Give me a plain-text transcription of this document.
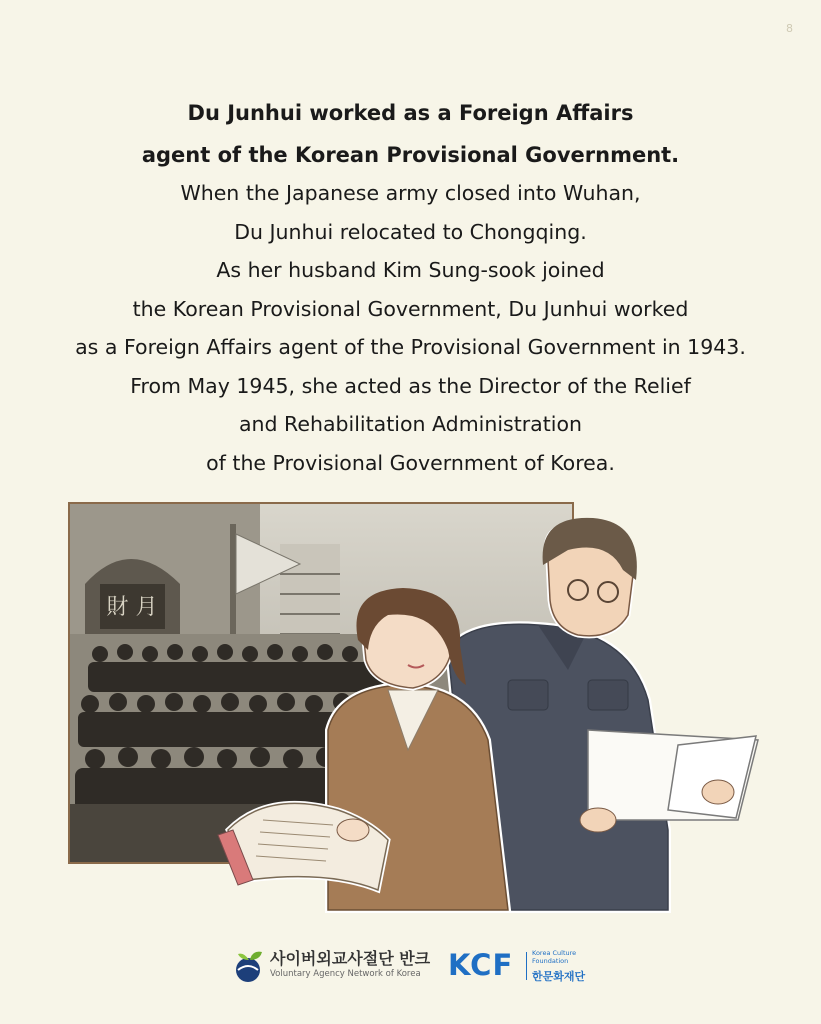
8
Du Junhui worked as a Foreign Affairs
agent of the Korean Provisional Government.
When the Japanese army closed into Wuhan,
Du Junhui relocated to Chongqing.
As her husband Kim Sung-sook joined
the Korean Provisional Government, Du Junhui worked
as a Foreign Affairs agent of the Provisional Government in 1943.
From May 1945, she acted as the Director of the Relief
and Rehabilitation Administration
of the Provisional Government of Korea.
財 月
사이버외교사절단 반크
Voluntary Agency Network of Korea KCF	Korea Culture
Foundation
한문화재단
